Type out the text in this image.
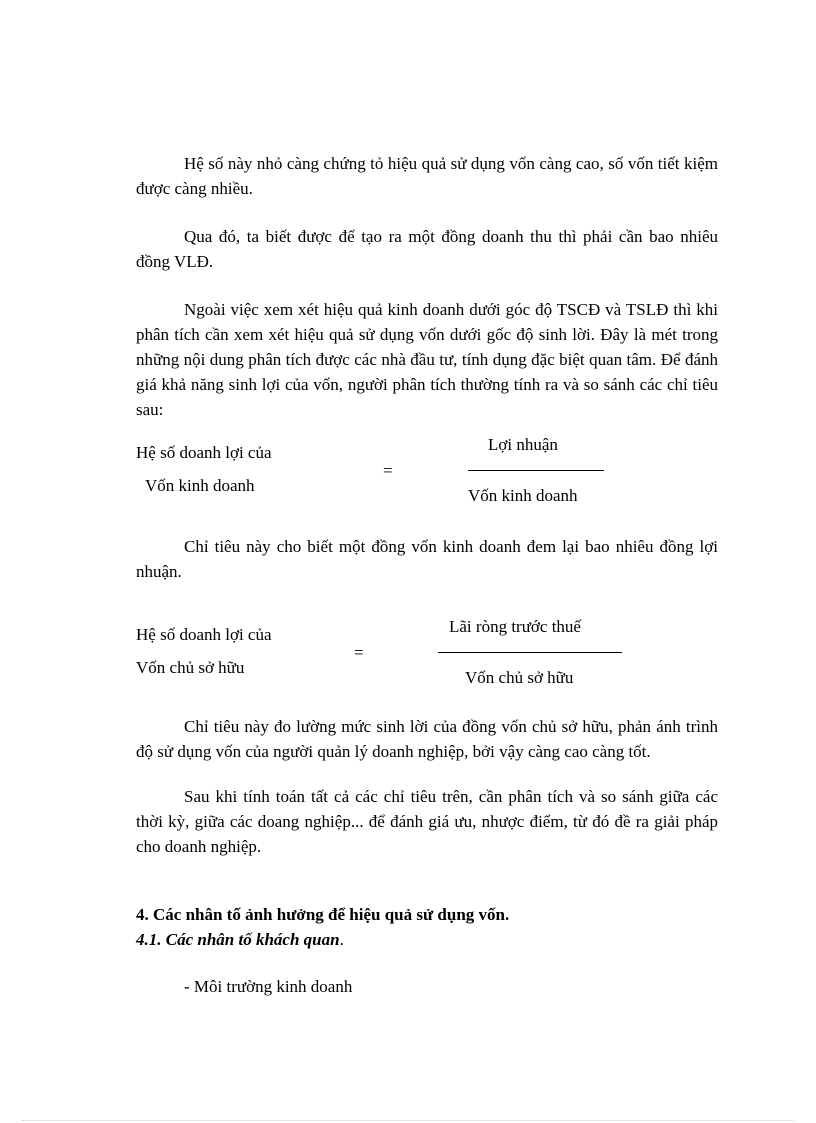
Hệ số này nhỏ càng chứng tỏ hiệu quả sử dụng vốn càng cao, số vốn tiết kiệm được càng nhiều.

Qua đó, ta biết được để tạo ra một đồng doanh thu thì phải cần bao nhiêu đồng VLĐ.

Ngoài việc xem xét hiệu quả kinh doanh dưới góc độ TSCĐ và TSLĐ thì khi phân tích cần xem xét hiệu quả sử dụng vốn dưới gốc độ sinh lời. Đây là mét trong những nội dung phân tích được các nhà đầu tư, tính dụng đặc biệt quan tâm. Để đánh giá khả năng sinh lợi của vốn, người phân tích thường tính ra và so sánh các chỉ tiêu sau:

Hệ số doanh lợi của
Vốn kinh doanh
=
Lợi nhuận
Vốn kinh doanh

Chỉ tiêu này cho biết một đồng vốn kinh doanh đem lại bao nhiêu đồng lợi nhuận.

Hệ số doanh lợi của
Vốn chủ sở hữu
=
Lãi ròng trước thuế
Vốn chủ sở hữu

Chỉ tiêu này đo lường mức sinh lời của đồng vốn chủ sở hữu, phản ánh trình độ sử dụng vốn của người quản lý doanh nghiệp, bởi vậy càng cao càng tốt.

Sau khi tính toán tất cả các chỉ tiêu trên, cần phân tích và so sánh giữa các thời kỳ, giữa các doang nghiệp... để đánh giá ưu, nhược điểm, từ đó đề ra giải pháp cho doanh nghiệp.

4. Các nhân tố ảnh hưởng để hiệu quả sử dụng vốn.

4.1. Các nhân tố khách quan.

- Môi trường kinh doanh
